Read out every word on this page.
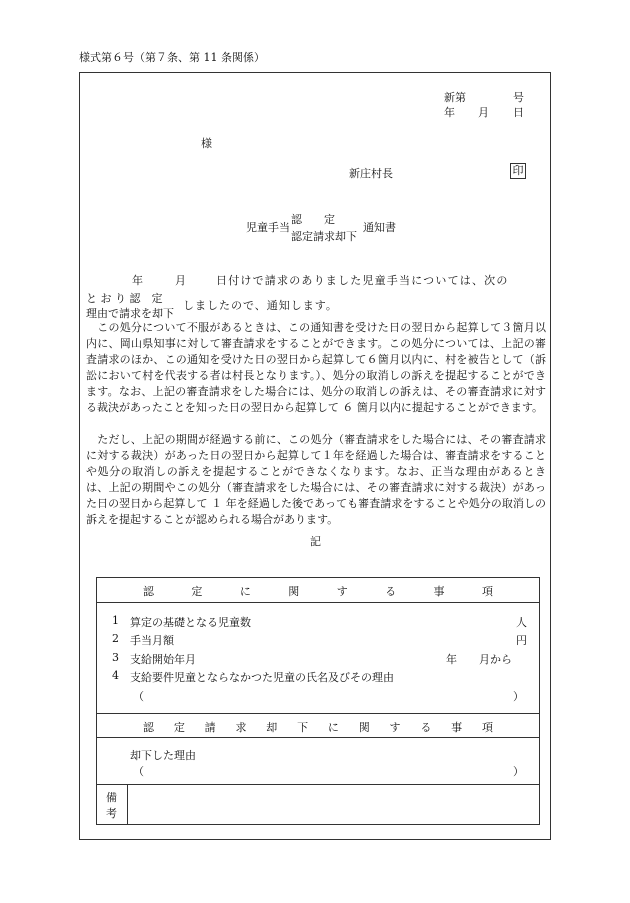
様式第６号（第７条、第 11 条関係）
新第	号
年 月 日
様
新庄村長	印
児童手当
認　　定
認定請求却下
通知書
年	月	日付けで請求のありました児童手当については、次の
と お り 認　定
理由で請求を却下
しましたので、通知します。
　この処分について不服があるときは、この通知書を受けた日の翌日から起算して３箇月以内に、岡山県知事に対して審査請求をすることができます。この処分については、上記の審査請求のほか、この通知を受けた日の翌日から起算して６箇月以内に、村を被告として（訴訟において村を代表する者は村長となります。）、処分の取消しの訴えを提起することができます。なお、上記の審査請求をした場合には、処分の取消しの訴えは、その審査請求に対する裁決があったことを知った日の翌日から起算して ６ 箇月以内に提起することができます。
　ただし、上記の期間が経過する前に、この処分（審査請求をした場合には、その審査請求に対する裁決）があった日の翌日から起算して１年を経過した場合は、審査請求をすることや処分の取消しの訴えを提起することができなくなります。なお、正当な理由があるときは、上記の期間やこの処分（審査請求をした場合には、その審査請求に対する裁決）があった日の翌日から起算して １ 年を経過した後であっても審査請求をすることや処分の取消しの訴えを提起することが認められる場合があります。
記
認	定	に	関	す	る	事	項
1 算定の基礎となる児童数	人
2 手当月額	円
3 支給開始年月	年　　月から
4 支給要件児童とならなかつた児童の氏名及びその理由
（	）
認 定 請 求 却 下 に 関 す る 事 項
却下した理由
（	）
備
考
